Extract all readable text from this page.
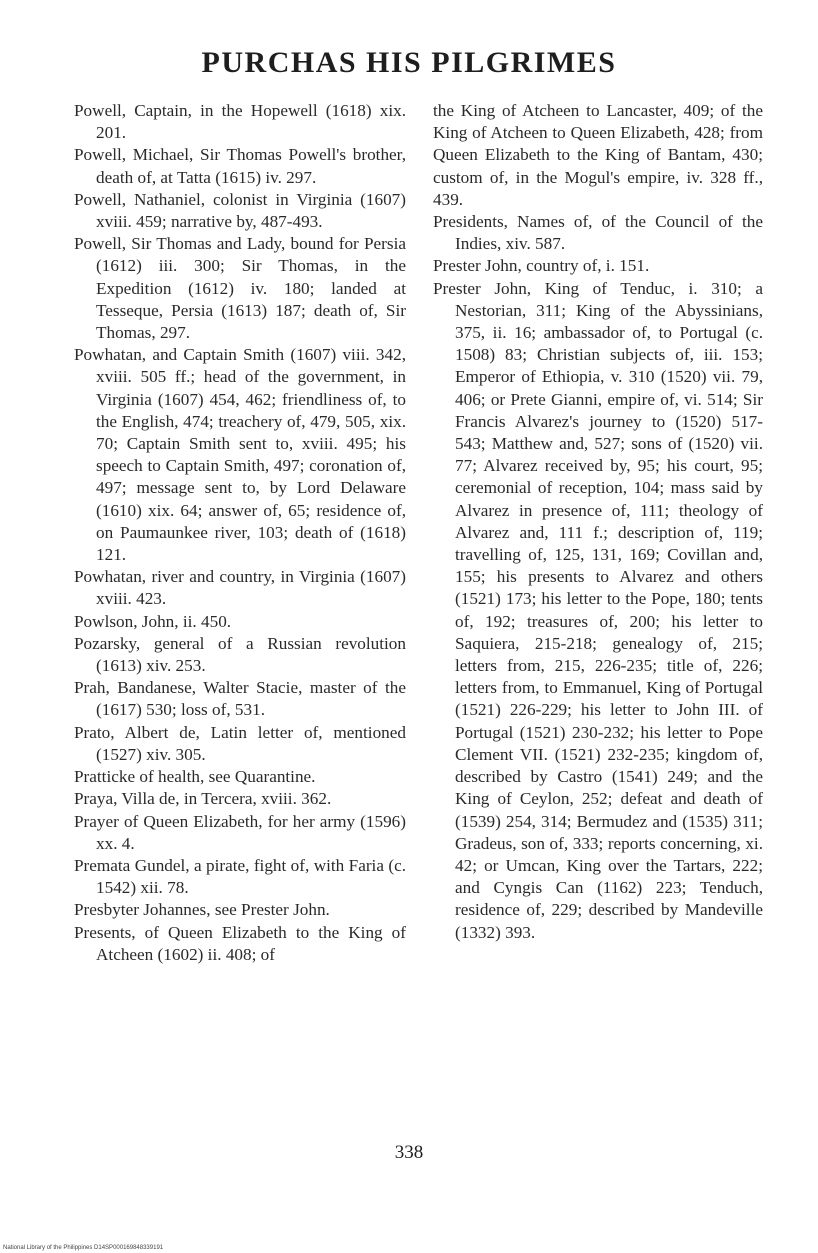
PURCHAS HIS PILGRIMES

Powell, Captain, in the Hopewell (1618) xix. 201.

Powell, Michael, Sir Thomas Powell's brother, death of, at Tatta (1615) iv. 297.

Powell, Nathaniel, colonist in Virginia (1607) xviii. 459; narrative by, 487-493.

Powell, Sir Thomas and Lady, bound for Persia (1612) iii. 300; Sir Thomas, in the Expedition (1612) iv. 180; landed at Tesseque, Persia (1613) 187; death of, Sir Thomas, 297.

Powhatan, and Captain Smith (1607) viii. 342, xviii. 505 ff.; head of the government, in Virginia (1607) 454, 462; friendliness of, to the English, 474; treachery of, 479, 505, xix. 70; Captain Smith sent to, xviii. 495; his speech to Captain Smith, 497; coronation of, 497; message sent to, by Lord Delaware (1610) xix. 64; answer of, 65; residence of, on Paumaunkee river, 103; death of (1618) 121.

Powhatan, river and country, in Virginia (1607) xviii. 423.

Powlson, John, ii. 450.

Pozarsky, general of a Russian revolution (1613) xiv. 253.

Prah, Bandanese, Walter Stacie, master of the (1617) 530; loss of, 531.

Prato, Albert de, Latin letter of, mentioned (1527) xiv. 305.

Pratticke of health, see Quarantine.

Praya, Villa de, in Tercera, xviii. 362.

Prayer of Queen Elizabeth, for her army (1596) xx. 4.

Premata Gundel, a pirate, fight of, with Faria (c. 1542) xii. 78.

Presbyter Johannes, see Prester John.

Presents, of Queen Elizabeth to the King of Atcheen (1602) ii. 408; of

the King of Atcheen to Lancaster, 409; of the King of Atcheen to Queen Elizabeth, 428; from Queen Elizabeth to the King of Bantam, 430; custom of, in the Mogul's empire, iv. 328 ff., 439.

Presidents, Names of, of the Council of the Indies, xiv. 587.

Prester John, country of, i. 151.

Prester John, King of Tenduc, i. 310; a Nestorian, 311; King of the Abyssinians, 375, ii. 16; ambassador of, to Portugal (c. 1508) 83; Christian subjects of, iii. 153; Emperor of Ethiopia, v. 310 (1520) vii. 79, 406; or Prete Gianni, empire of, vi. 514; Sir Francis Alvarez's journey to (1520) 517-543; Matthew and, 527; sons of (1520) vii. 77; Alvarez received by, 95; his court, 95; ceremonial of reception, 104; mass said by Alvarez in presence of, 111; theology of Alvarez and, 111 f.; description of, 119; travelling of, 125, 131, 169; Covillan and, 155; his presents to Alvarez and others (1521) 173; his letter to the Pope, 180; tents of, 192; treasures of, 200; his letter to Saquiera, 215-218; genealogy of, 215; letters from, 215, 226-235; title of, 226; letters from, to Emmanuel, King of Portugal (1521) 226-229; his letter to John III. of Portugal (1521) 230-232; his letter to Pope Clement VII. (1521) 232-235; kingdom of, described by Castro (1541) 249; and the King of Ceylon, 252; defeat and death of (1539) 254, 314; Bermudez and (1535) 311; Gradeus, son of, 333; reports concerning, xi. 42; or Umcan, King over the Tartars, 222; and Cyngis Can (1162) 223; Tenduch, residence of, 229; described by Mandeville (1332) 393.

338
National Library of the Philippines D14SP000169848339191
